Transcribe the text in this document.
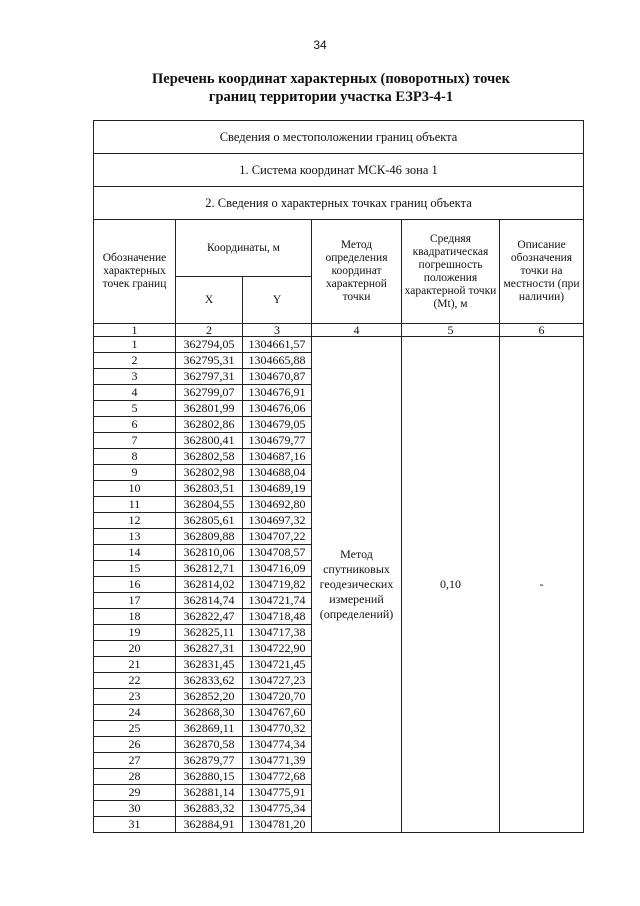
34
Перечень координат характерных (поворотных) точек
границ территории участка ЕЗР3-4-1
Сведения о местоположении границ объекта					
1. Система координат МСК-46 зона 1					
2. Сведения о характерных точках границ объекта					
Обозначение характерных точек границ	Координаты, м		Метод определения координат характерной точки	Средняя квадратическая погрешность положения характерной точки (Mt), м	Описание обозначения точки на местности (при наличии)
	X	Y			
1	2	3	4	5	6
1	362794,05	1304661,57	Метод спутниковых геодезических измерений (определений)	0,10	-
2	362795,31	1304665,88			
3	362797,31	1304670,87			
4	362799,07	1304676,91			
5	362801,99	1304676,06			
6	362802,86	1304679,05			
7	362800,41	1304679,77			
8	362802,58	1304687,16			
9	362802,98	1304688,04			
10	362803,51	1304689,19			
11	362804,55	1304692,80			
12	362805,61	1304697,32			
13	362809,88	1304707,22			
14	362810,06	1304708,57			
15	362812,71	1304716,09			
16	362814,02	1304719,82			
17	362814,74	1304721,74			
18	362822,47	1304718,48			
19	362825,11	1304717,38			
20	362827,31	1304722,90			
21	362831,45	1304721,45			
22	362833,62	1304727,23			
23	362852,20	1304720,70			
24	362868,30	1304767,60			
25	362869,11	1304770,32			
26	362870,58	1304774,34			
27	362879,77	1304771,39			
28	362880,15	1304772,68			
29	362881,14	1304775,91			
30	362883,32	1304775,34			
31	362884,91	1304781,20			
